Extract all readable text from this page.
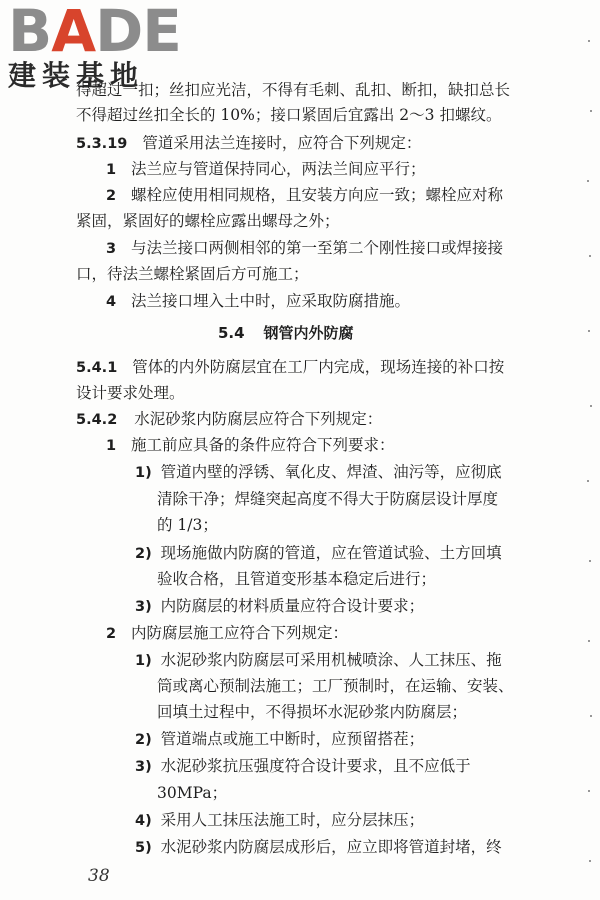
BADE
建装基地
得超过一扣；丝扣应光洁，不得有毛刺、乱扣、断扣，缺扣总长
不得超过丝扣全长的 10%；接口紧固后宜露出 2～3 扣螺纹。
5.3.19 管道采用法兰连接时，应符合下列规定：
1 法兰应与管道保持同心，两法兰间应平行；
2 螺栓应使用相同规格，且安装方向应一致；螺栓应对称
紧固，紧固好的螺栓应露出螺母之外；
3 与法兰接口两侧相邻的第一至第二个刚性接口或焊接接
口，待法兰螺栓紧固后方可施工；
4 法兰接口埋入土中时，应采取防腐措施。
5.4 钢管内外防腐
5.4.1 管体的内外防腐层宜在工厂内完成，现场连接的补口按
设计要求处理。
5.4.2 水泥砂浆内防腐层应符合下列规定：
1 施工前应具备的条件应符合下列要求：
1) 管道内壁的浮锈、氧化皮、焊渣、油污等，应彻底
清除干净；焊缝突起高度不得大于防腐层设计厚度
的 1/3；
2) 现场施做内防腐的管道，应在管道试验、土方回填
验收合格，且管道变形基本稳定后进行；
3) 内防腐层的材料质量应符合设计要求；
2 内防腐层施工应符合下列规定：
1) 水泥砂浆内防腐层可采用机械喷涂、人工抹压、拖
筒或离心预制法施工；工厂预制时，在运输、安装、
回填土过程中，不得损坏水泥砂浆内防腐层；
2) 管道端点或施工中断时，应预留搭茬；
3) 水泥砂浆抗压强度符合设计要求，且不应低于
30MPa；
4) 采用人工抹压法施工时，应分层抹压；
5) 水泥砂浆内防腐层成形后，应立即将管道封堵，终
38
